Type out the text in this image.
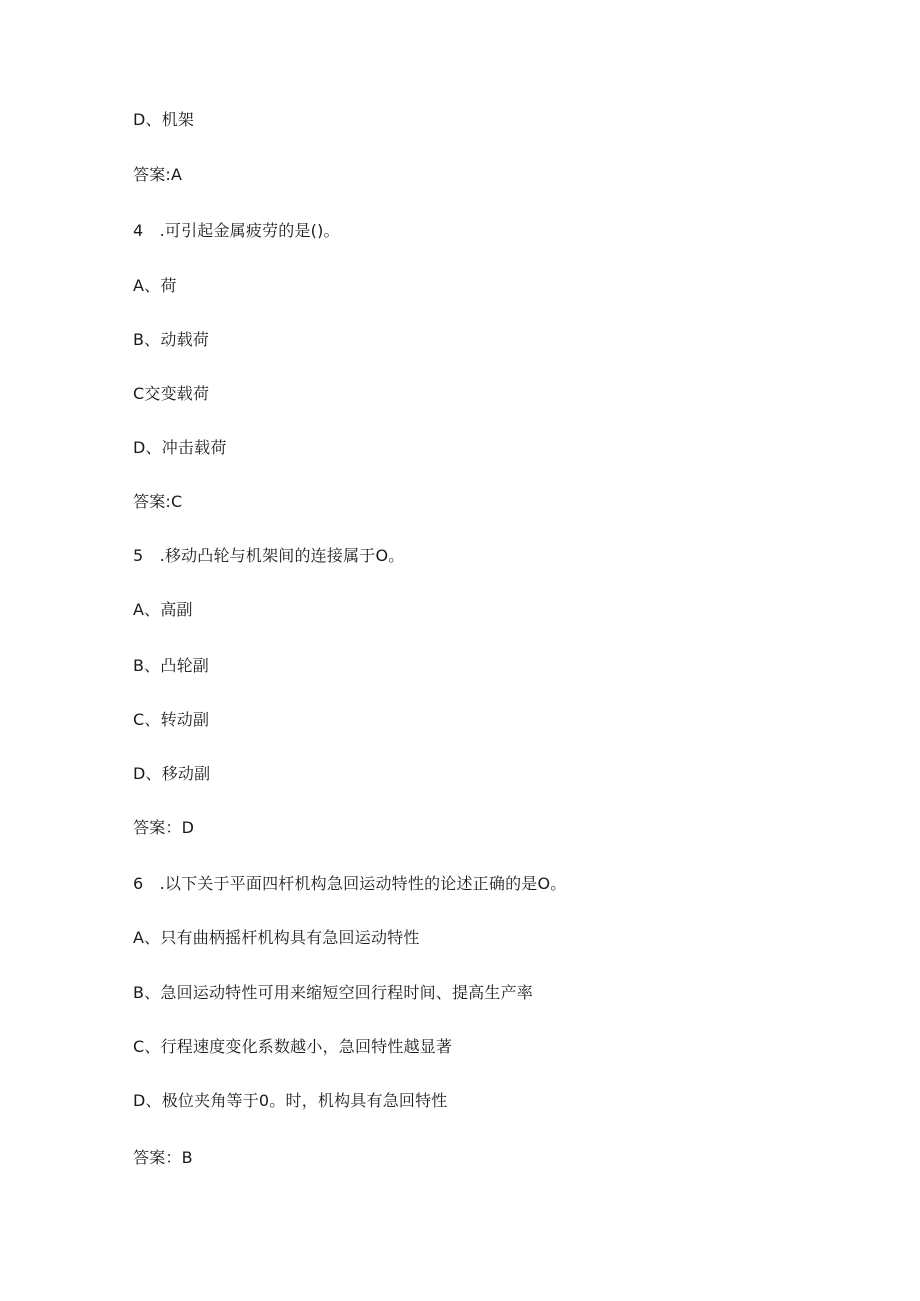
D、机架
答案:A
4　.可引起金属疲劳的是()。
A、荷
B、动载荷
C交变载荷
D、冲击载荷
答案:C
5　.移动凸轮与机架间的连接属于O。
A、高副
B、凸轮副
C、转动副
D、移动副
答案：D
6　.以下关于平面四杆机构急回运动特性的论述正确的是O。
A、只有曲柄摇杆机构具有急回运动特性
B、急回运动特性可用来缩短空回行程时间、提高生产率
C、行程速度变化系数越小，急回特性越显著
D、极位夹角等于0。时，机构具有急回特性
答案：B
